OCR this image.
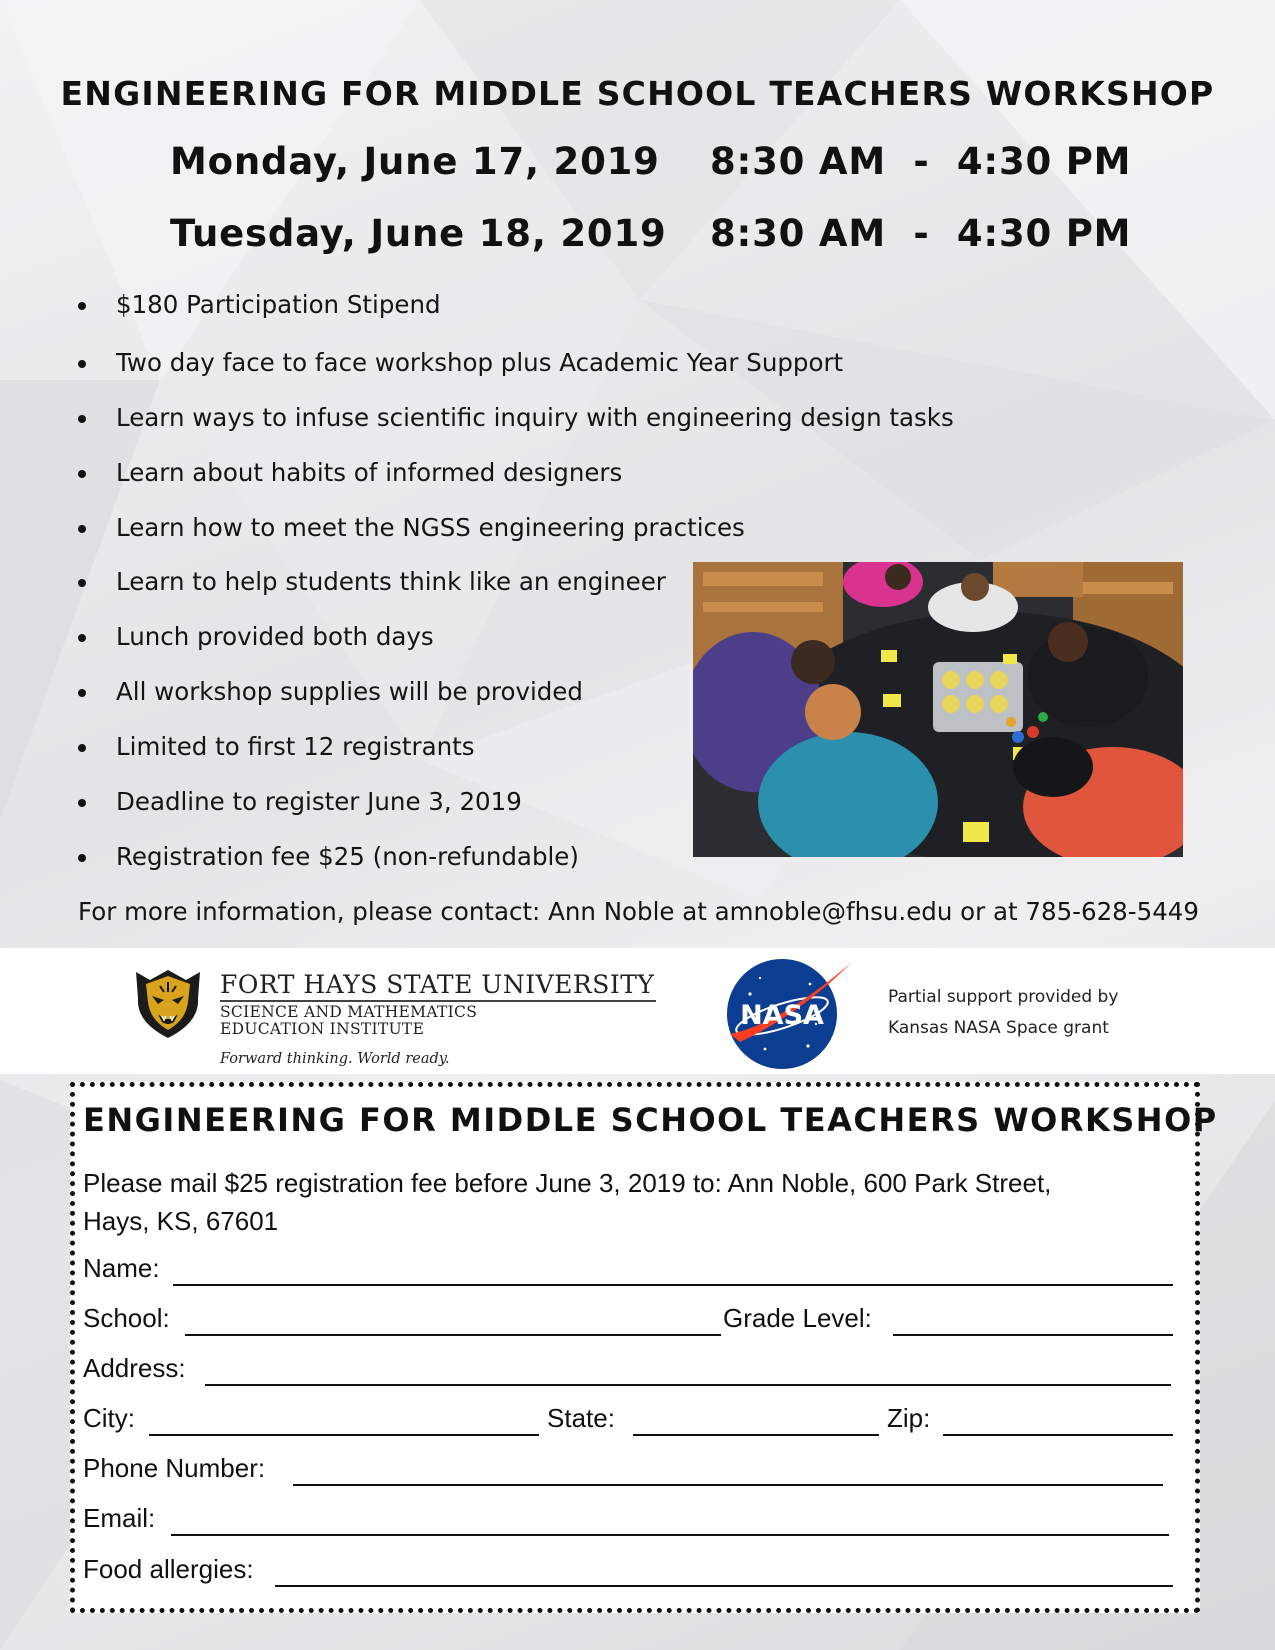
ENGINEERING FOR MIDDLE SCHOOL TEACHERS WORKSHOP
Monday, June 17, 2019 8:30 AM  -  4:30 PM
Tuesday, June 18, 2019 8:30 AM  -  4:30 PM
$180 Participation Stipend
Two day face to face workshop plus Academic Year Support
Learn ways to infuse scientific inquiry with engineering design tasks
Learn about habits of informed designers
Learn how to meet the NGSS engineering practices
Learn to help students think like an engineer
Lunch provided both days
All workshop supplies will be provided
Limited to first 12 registrants
Deadline to register June 3, 2019
Registration fee $25 (non-refundable)
For more information, please contact: Ann Noble at amnoble@fhsu.edu or at 785-628-5449
FORT HAYS STATE UNIVERSITY
SCIENCE AND MATHEMATICS
EDUCATION INSTITUTE
Forward thinking. World ready.
NASA
Partial support provided by
Kansas NASA Space grant
ENGINEERING FOR MIDDLE SCHOOL TEACHERS WORKSHOP
Please mail $25 registration fee before June 3, 2019 to: Ann Noble, 600 Park Street,
Hays, KS, 67601
Name:
School:	Grade Level:
Address:
City:	State:	Zip:
Phone Number:
Email:
Food allergies:
